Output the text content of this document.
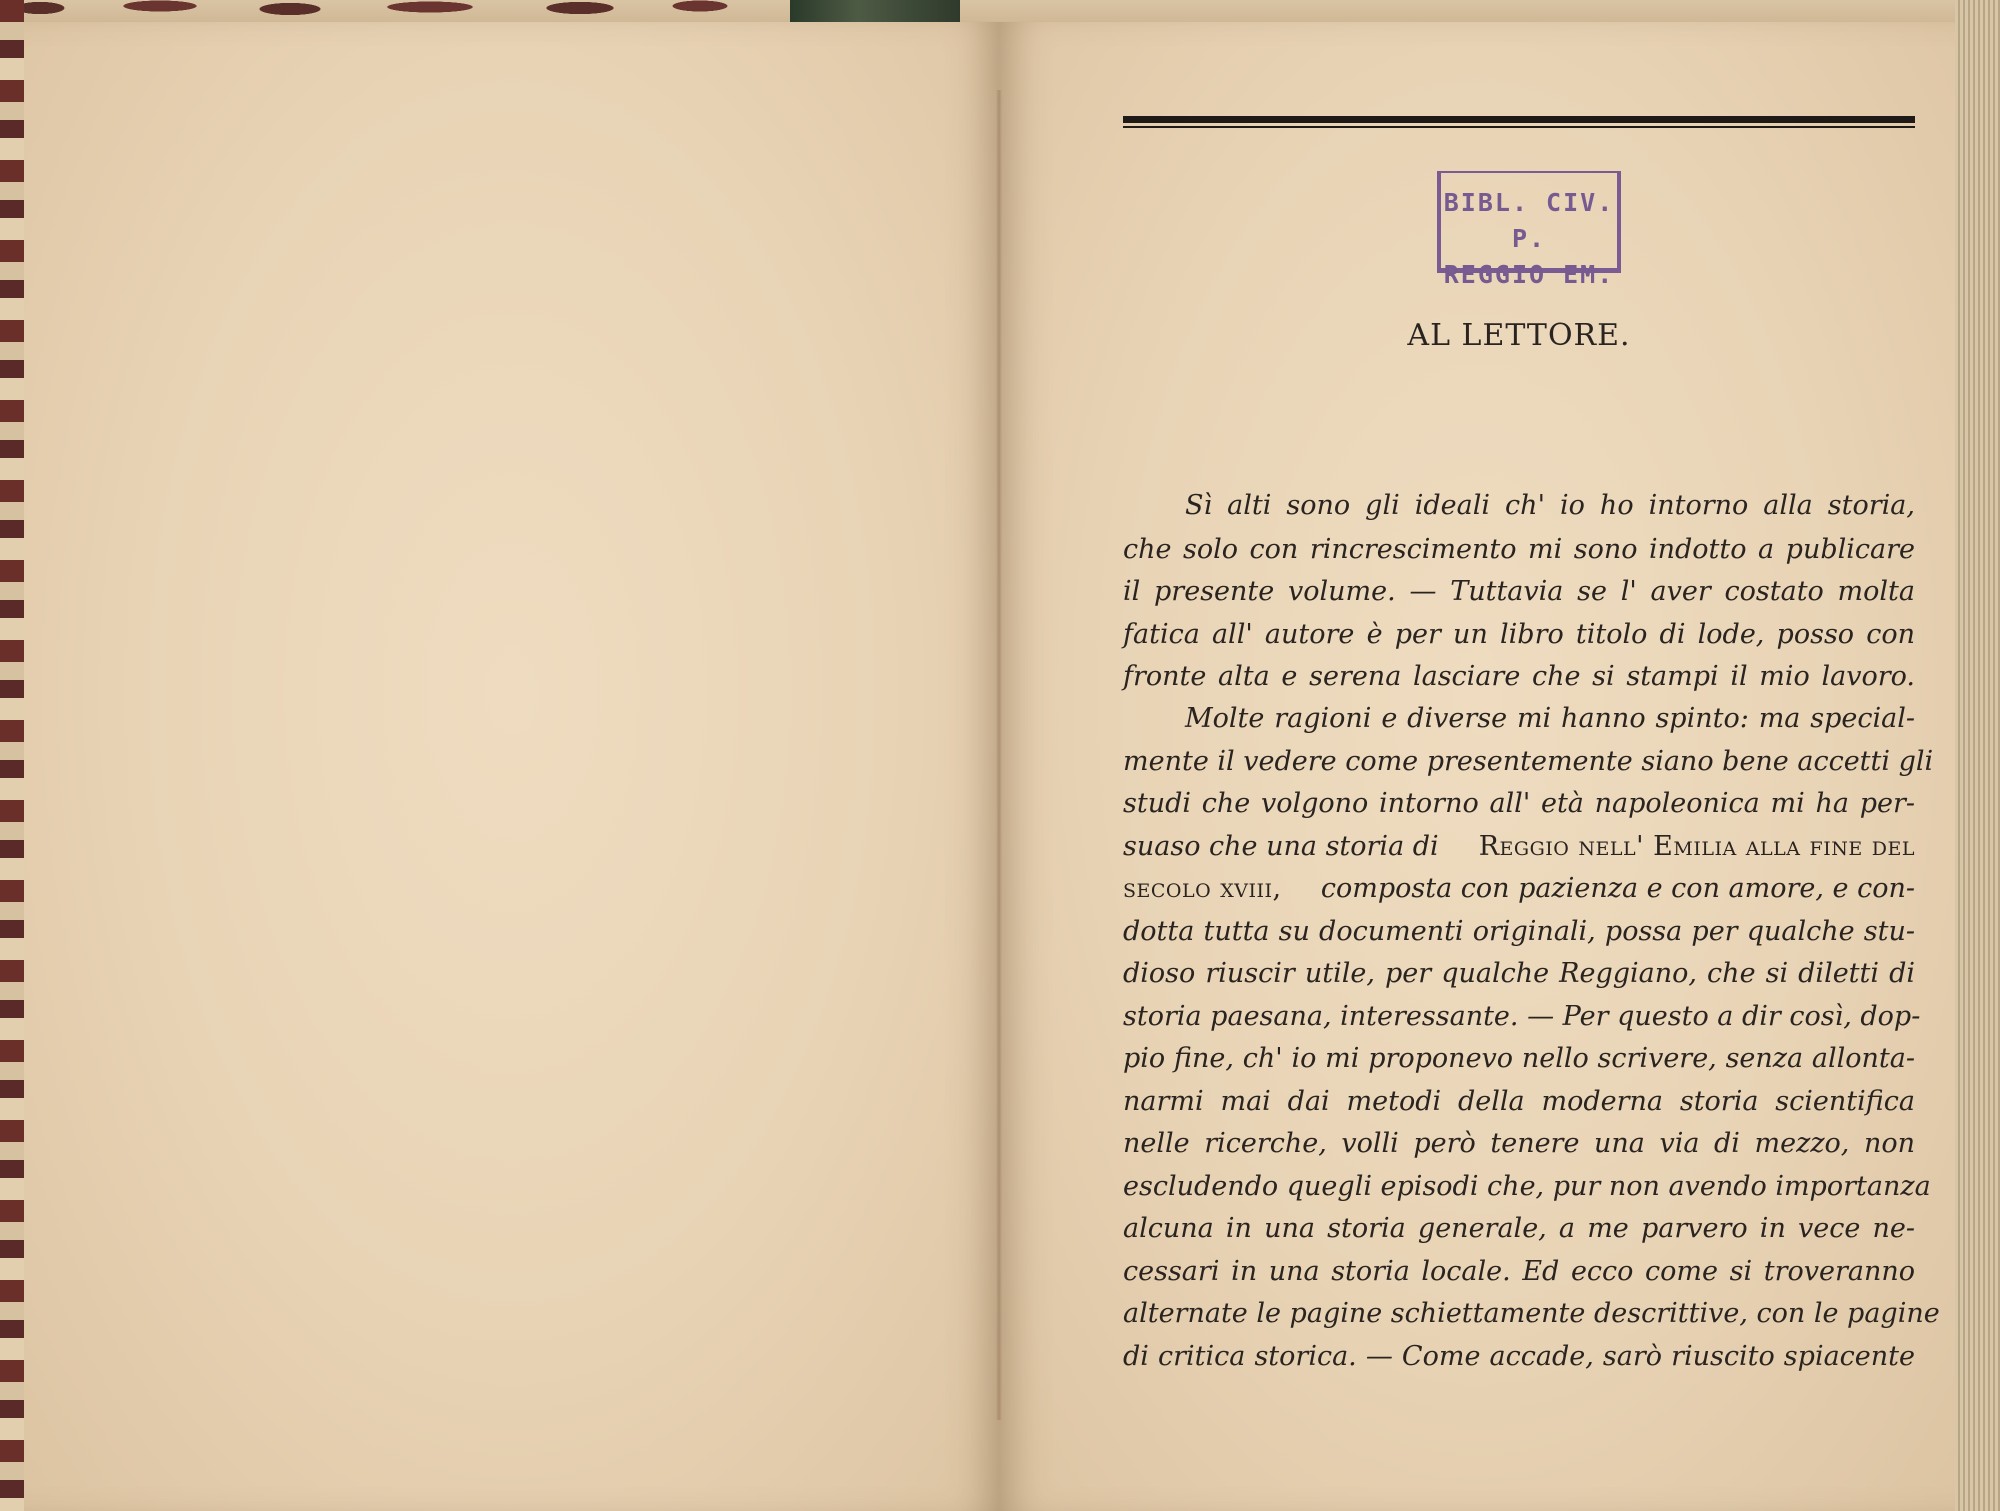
BIBL. CIV. P.
REGGIO EM.
AL LETTORE.
Sì alti sono gli ideali ch' io ho intorno alla storia,
che solo con rincrescimento mi sono indotto a publicare
il presente volume. — Tuttavia se l' aver costato molta
fatica all' autore è per un libro titolo di lode, posso con
fronte alta e serena lasciare che si stampi il mio lavoro.
Molte ragioni e diverse mi hanno spinto: ma special-
mente il vedere come presentemente siano bene accetti gli
studi che volgono intorno all' età napoleonica mi ha per-
suaso che una storia di Reggio nell' Emilia alla fine del
secolo xviii, composta con pazienza e con amore, e con-
dotta tutta su documenti originali, possa per qualche stu-
dioso riuscir utile, per qualche Reggiano, che si diletti di
storia paesana, interessante. — Per questo a dir così, dop-
pio fine, ch' io mi proponevo nello scrivere, senza allonta-
narmi mai dai metodi della moderna storia scientifica
nelle ricerche, volli però tenere una via di mezzo, non
escludendo quegli episodi che, pur non avendo importanza
alcuna in una storia generale, a me parvero in vece ne-
cessari in una storia locale. Ed ecco come si troveranno
alternate le pagine schiettamente descrittive, con le pagine
di critica storica. — Come accade, sarò riuscito spiacente
